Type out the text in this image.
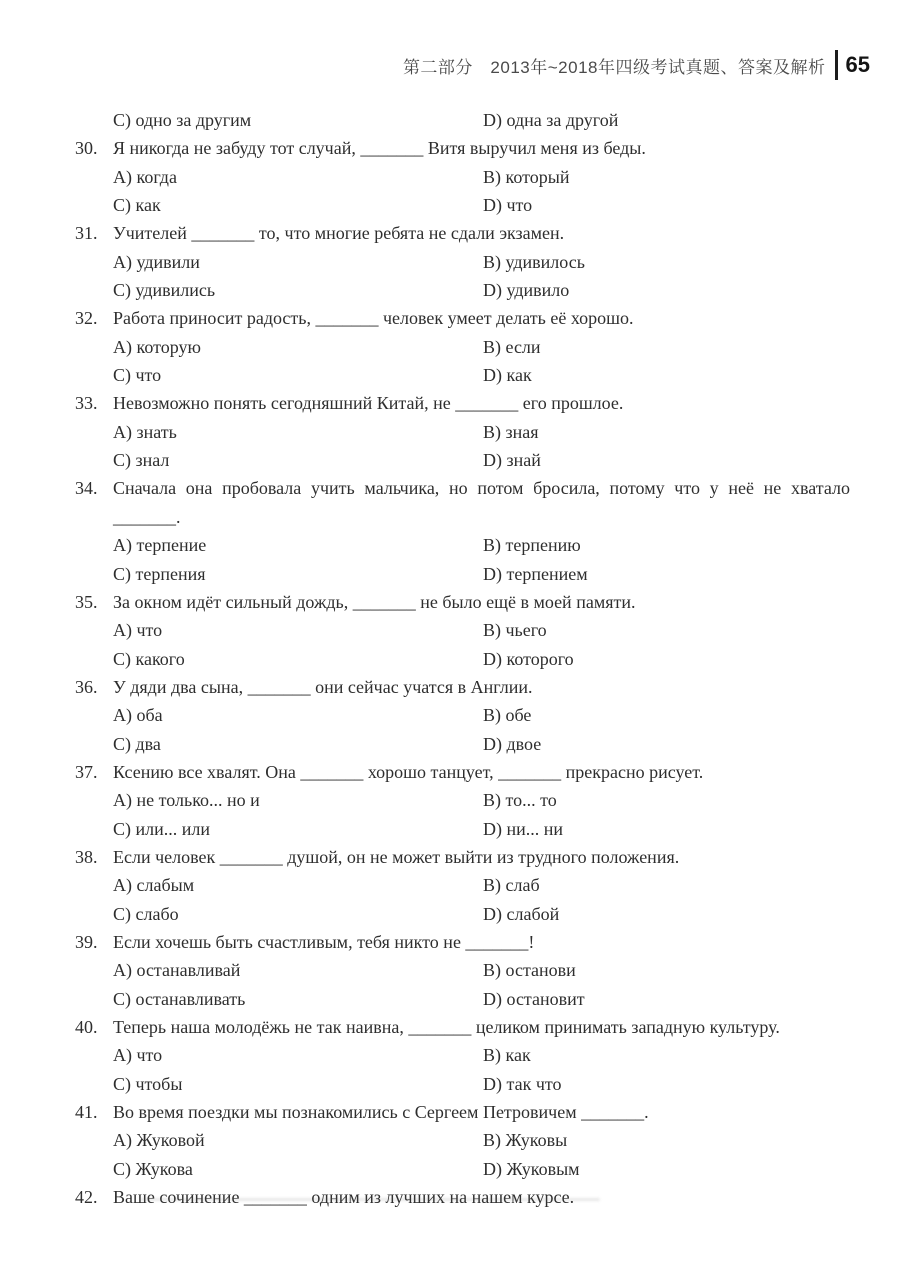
第二部分　2013年~2018年四级考试真题、答案及解析 65
C) одно за другим	D) одна за другой
30. Я никогда не забуду тот случай, _______ Витя выручил меня из беды.
A) когда	B) который
C) как	D) что
31. Учителей _______ то, что многие ребята не сдали экзамен.
A) удивили	B) удивилось
C) удивились	D) удивило
32. Работа приносит радость, _______ человек умеет делать её хорошо.
A) которую	B) если
C) что	D) как
33. Невозможно понять сегодняшний Китай, не _______ его прошлое.
A) знать	B) зная
C) знал	D) знай
34. Сначала она пробовала учить мальчика, но потом бросила, потому что у неё не хватало
_______.
A) терпение	B) терпению
C) терпения	D) терпением
35. За окном идёт сильный дождь, _______ не было ещё в моей памяти.
A) что	B) чьего
C) какого	D) которого
36. У дяди два сына, _______ они сейчас учатся в Англии.
A) оба	B) обе
C) два	D) двое
37. Ксению все хвалят. Она _______ хорошо танцует, _______ прекрасно рисует.
A) не только... но и	B) то... то
C) или... или	D) ни... ни
38. Если человек _______ душой, он не может выйти из трудного положения.
A) слабым	B) слаб
C) слабо	D) слабой
39. Если хочешь быть счастливым, тебя никто не _______!
A) останавливай	B) останови
C) останавливать	D) остановит
40. Теперь наша молодёжь не так наивна, _______ целиком принимать западную культуру.
A) что	B) как
C) чтобы	D) так что
41. Во время поездки мы познакомились с Сергеем Петровичем _______.
A) Жуковой	B) Жуковы
C) Жукова	D) Жуковым
42. Ваше сочинение _______ одним из лучших на нашем курсе.
